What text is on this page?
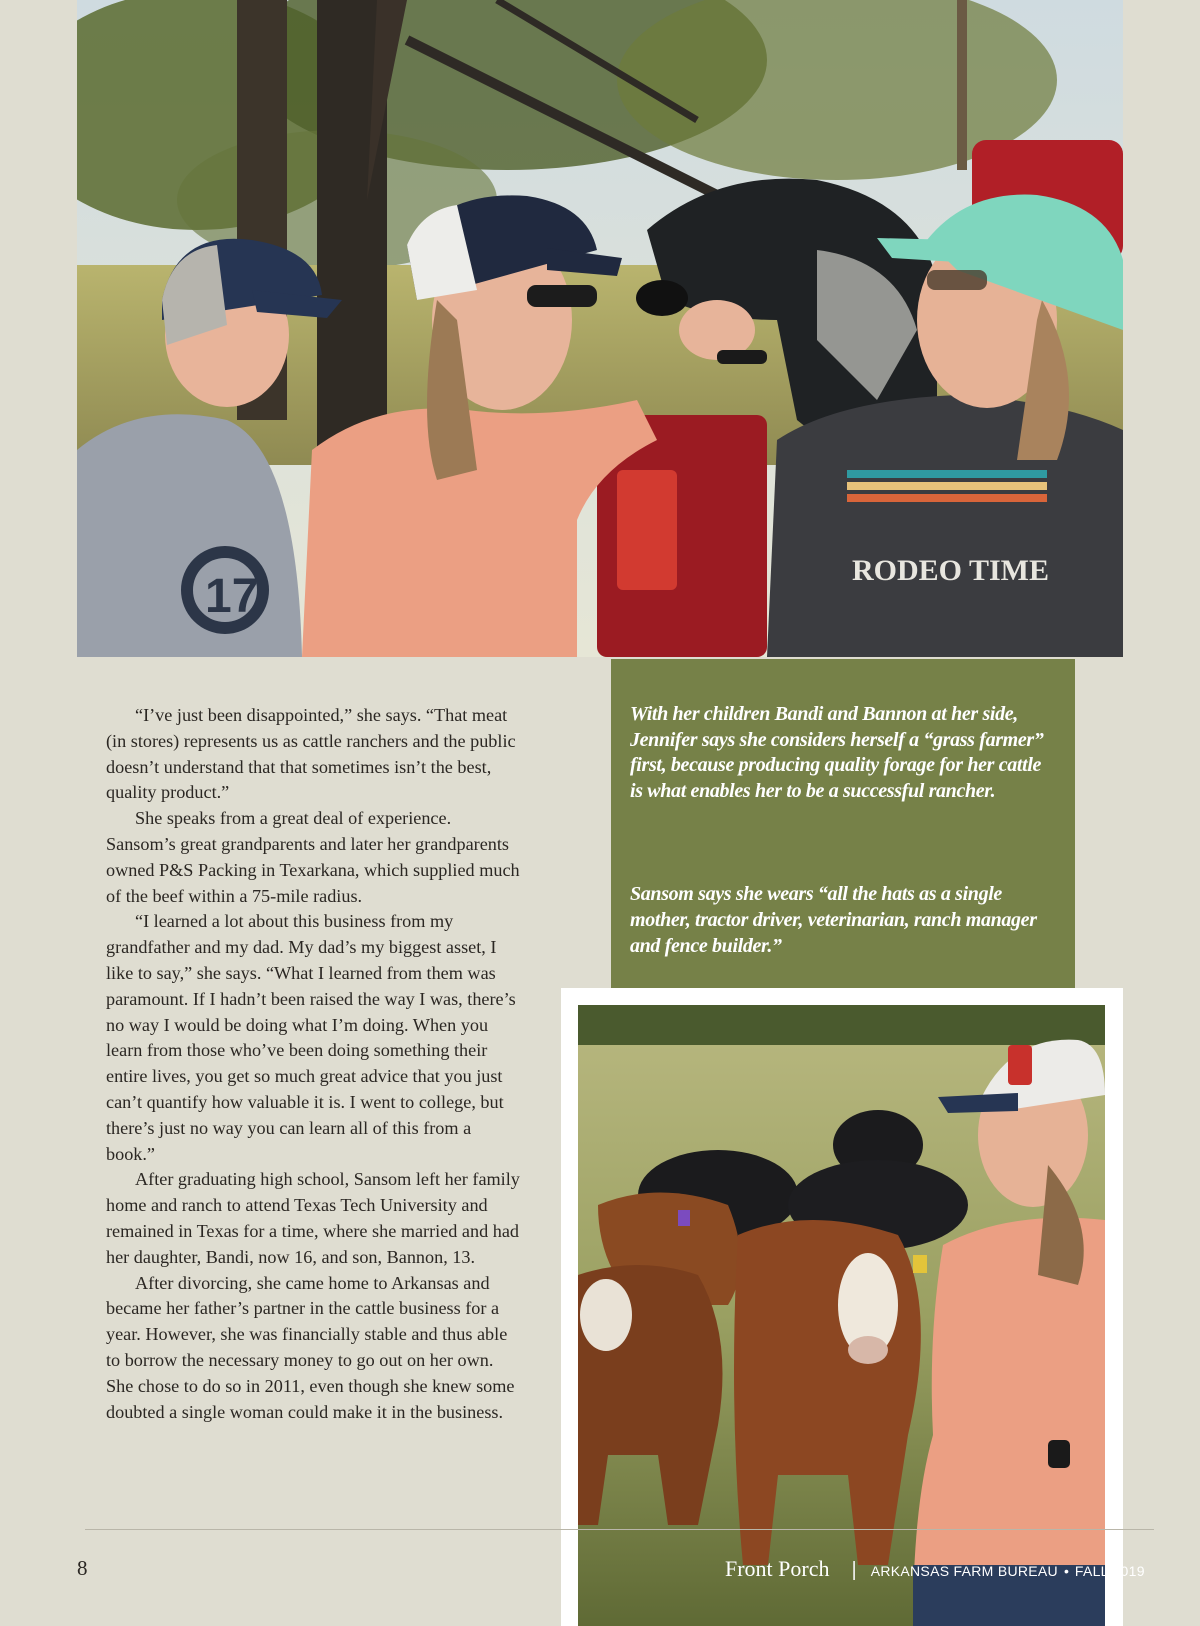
17	RODEO TIME

“I’ve just been disappointed,” she says. “That meat (in stores) represents us as cattle ranchers and the public doesn’t understand that that sometimes isn’t the best, quality product.”

She speaks from a great deal of experience. Sansom’s great grandparents and later her grandparents owned P&S Packing in Texarkana, which supplied much of the beef within a 75-mile radius.

“I learned a lot about this business from my grandfather and my dad. My dad’s my biggest asset, I like to say,” she says. “What I learned from them was paramount. If I hadn’t been raised the way I was, there’s no way I would be doing what I’m doing. When you learn from those who’ve been doing something their entire lives, you get so much great advice that you just can’t quantify how valuable it is. I went to college, but there’s just no way you can learn all of this from a book.”

After graduating high school, Sansom left her family home and ranch to attend Texas Tech University and remained in Texas for a time, where she married and had her daughter, Bandi, now 16, and son, Bannon, 13.

After divorcing, she came home to Arkansas and became her father’s partner in the cattle business for a year. However, she was financially stable and thus able to borrow the necessary money to go out on her own. She chose to do so in 2011, even though she knew some doubted a single woman could make it in the business.

With her children Bandi and Bannon at her side, Jennifer says she considers herself a “grass farmer” first, because producing quality forage for her cattle is what enables her to be a successful rancher.

Sansom says she wears “all the hats as a single mother, tractor driver, veterinarian, ranch manager and fence builder.”

8	Front Porch | ARKANSAS FARM BUREAU • FALL 2019
